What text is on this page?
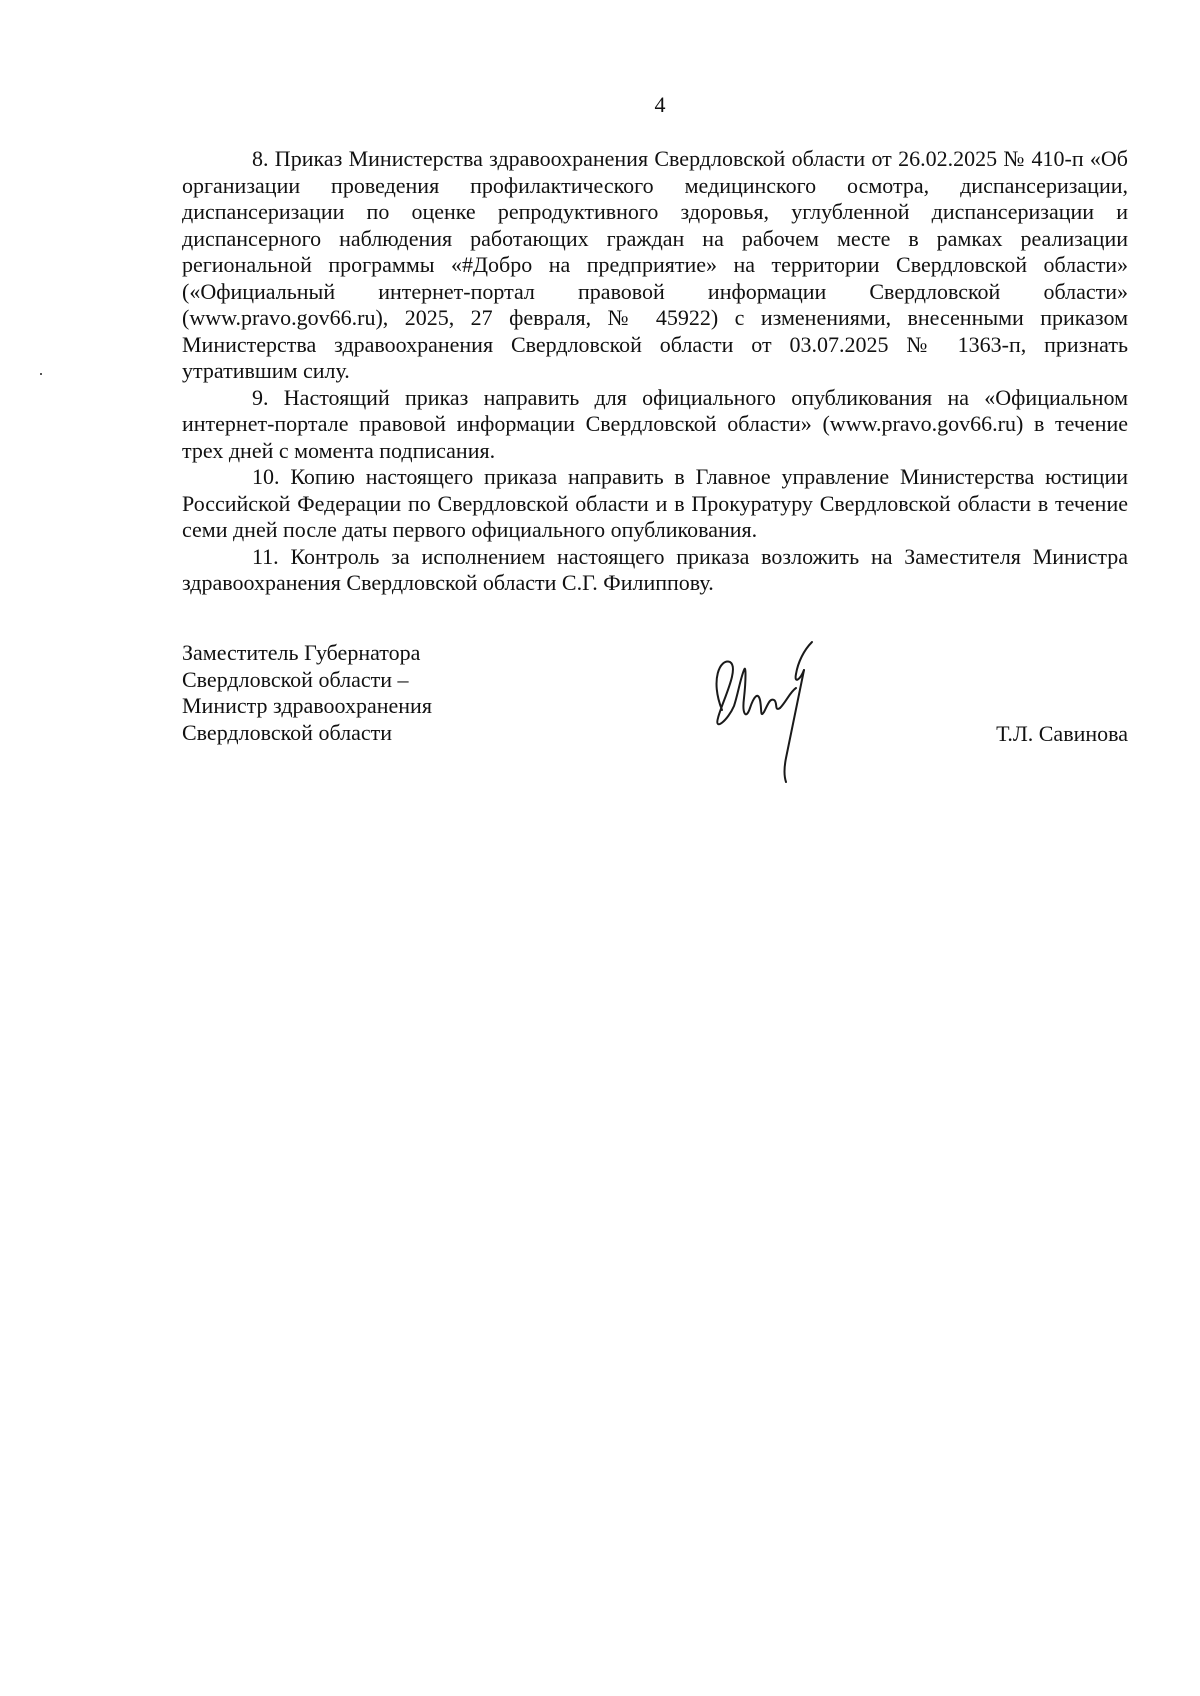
4

8. Приказ Министерства здравоохранения Свердловской области от 26.02.2025 № 410-п «Об организации проведения профилактического медицинского осмотра, диспансеризации, диспансеризации по оценке репродуктивного здоровья, углубленной диспансеризации и диспансерного наблюдения работающих граждан на рабочем месте в рамках реализации региональной программы «#Добро на предприятие» на территории Свердловской области» («Официальный интернет-портал правовой информации Свердловской области» (www.pravo.gov66.ru), 2025, 27 февраля, № 45922) с изменениями, внесенными приказом Министерства здравоохранения Свердловской области от 03.07.2025 № 1363-п, признать утратившим силу.

9. Настоящий приказ направить для официального опубликования на «Официальном интернет-портале правовой информации Свердловской области» (www.pravo.gov66.ru) в течение трех дней с момента подписания.

10. Копию настоящего приказа направить в Главное управление Министерства юстиции Российской Федерации по Свердловской области и в Прокуратуру Свердловской области в течение семи дней после даты первого официального опубликования.

11. Контроль за исполнением настоящего приказа возложить на Заместителя Министра здравоохранения Свердловской области С.Г. Филиппову.

Заместитель Губернатора
Свердловской области –
Министр здравоохранения
Свердловской области	Т.Л. Савинова
